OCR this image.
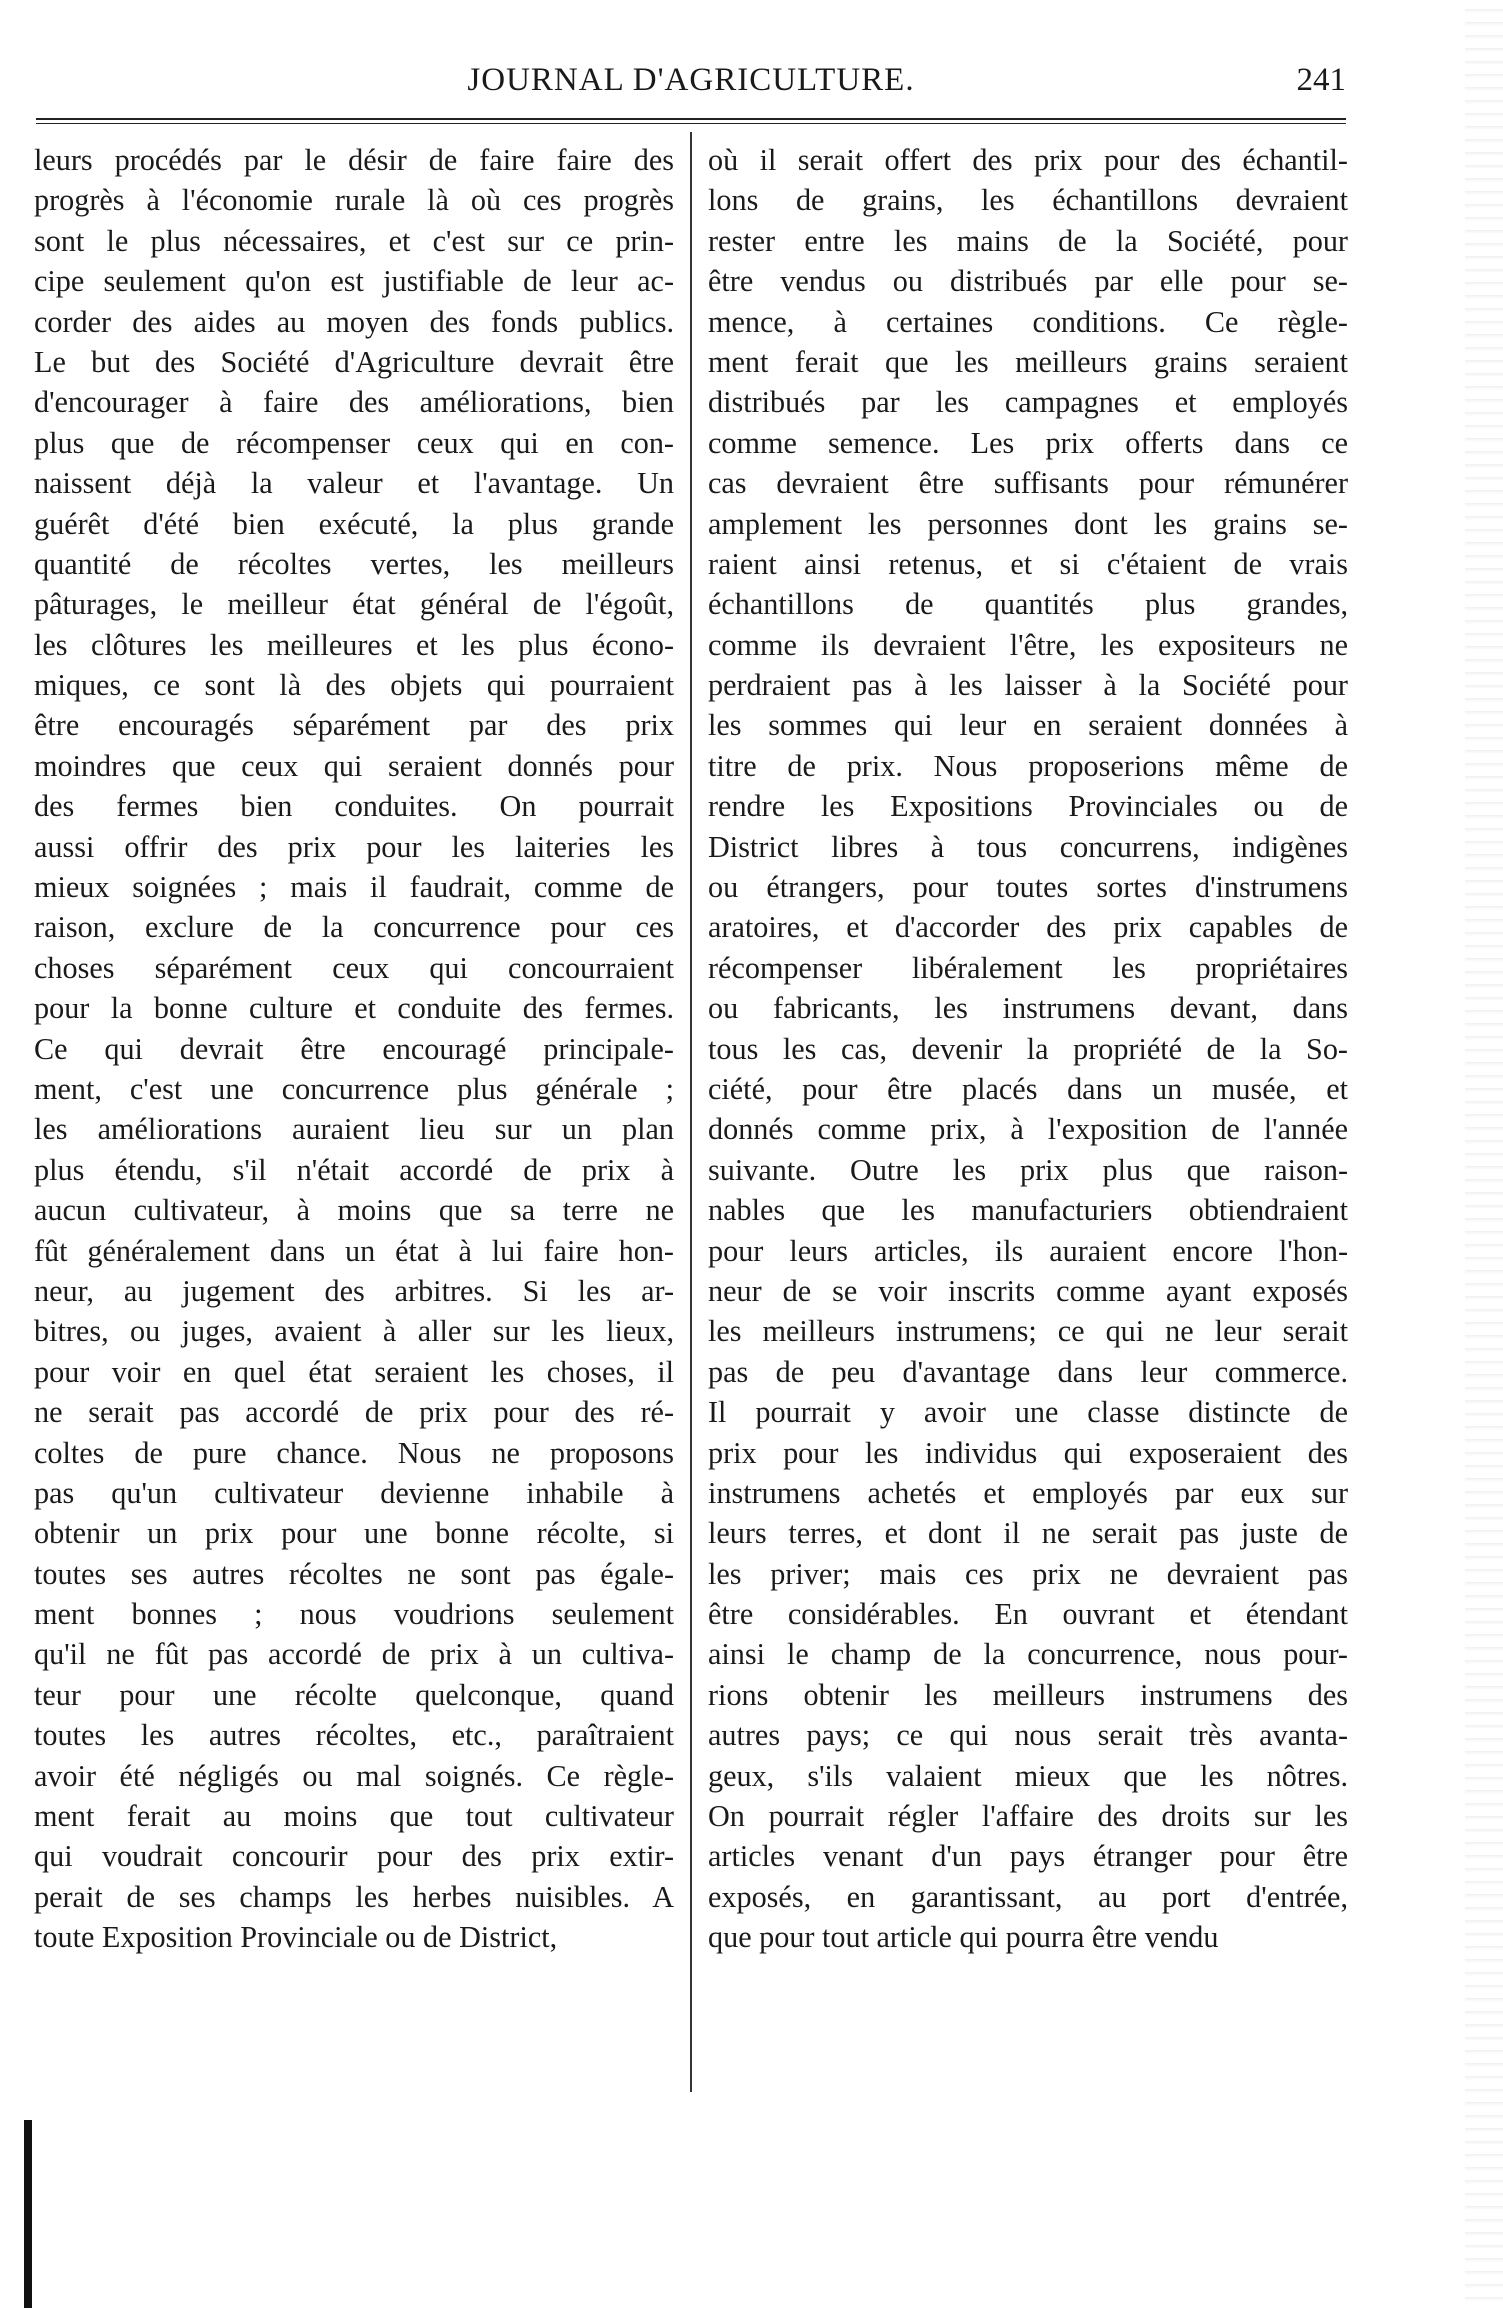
JOURNAL D'AGRICULTURE.	241
leurs procédés par le désir de faire faire des
progrès à l'économie rurale là où ces progrès
sont le plus nécessaires, et c'est sur ce prin-
cipe seulement qu'on est justifiable de leur ac-
corder des aides au moyen des fonds publics.
Le but des Société d'Agriculture devrait être
d'encourager à faire des améliorations, bien
plus que de récompenser ceux qui en con-
naissent déjà la valeur et l'avantage. Un
guérêt d'été bien exécuté, la plus grande
quantité de récoltes vertes, les meilleurs
pâturages, le meilleur état général de l'égoût,
les clôtures les meilleures et les plus écono-
miques, ce sont là des objets qui pourraient
être encouragés séparément par des prix
moindres que ceux qui seraient donnés pour
des fermes bien conduites. On pourrait
aussi offrir des prix pour les laiteries les
mieux soignées ; mais il faudrait, comme de
raison, exclure de la concurrence pour ces
choses séparément ceux qui concourraient
pour la bonne culture et conduite des fermes.
Ce qui devrait être encouragé principale-
ment, c'est une concurrence plus générale ;
les améliorations auraient lieu sur un plan
plus étendu, s'il n'était accordé de prix à
aucun cultivateur, à moins que sa terre ne
fût généralement dans un état à lui faire hon-
neur, au jugement des arbitres. Si les ar-
bitres, ou juges, avaient à aller sur les lieux,
pour voir en quel état seraient les choses, il
ne serait pas accordé de prix pour des ré-
coltes de pure chance. Nous ne proposons
pas qu'un cultivateur devienne inhabile à
obtenir un prix pour une bonne récolte, si
toutes ses autres récoltes ne sont pas égale-
ment bonnes ; nous voudrions seulement
qu'il ne fût pas accordé de prix à un cultiva-
teur pour une récolte quelconque, quand
toutes les autres récoltes, etc., paraîtraient
avoir été négligés ou mal soignés. Ce règle-
ment ferait au moins que tout cultivateur
qui voudrait concourir pour des prix extir-
perait de ses champs les herbes nuisibles. A
toute Exposition Provinciale ou de District,
où il serait offert des prix pour des échantil-
lons de grains, les échantillons devraient
rester entre les mains de la Société, pour
être vendus ou distribués par elle pour se-
mence, à certaines conditions. Ce règle-
ment ferait que les meilleurs grains seraient
distribués par les campagnes et employés
comme semence. Les prix offerts dans ce
cas devraient être suffisants pour rémunérer
amplement les personnes dont les grains se-
raient ainsi retenus, et si c'étaient de vrais
échantillons de quantités plus grandes,
comme ils devraient l'être, les expositeurs ne
perdraient pas à les laisser à la Société pour
les sommes qui leur en seraient données à
titre de prix. Nous proposerions même de
rendre les Expositions Provinciales ou de
District libres à tous concurrens, indigènes
ou étrangers, pour toutes sortes d'instrumens
aratoires, et d'accorder des prix capables de
récompenser libéralement les propriétaires
ou fabricants, les instrumens devant, dans
tous les cas, devenir la propriété de la So-
ciété, pour être placés dans un musée, et
donnés comme prix, à l'exposition de l'année
suivante. Outre les prix plus que raison-
nables que les manufacturiers obtiendraient
pour leurs articles, ils auraient encore l'hon-
neur de se voir inscrits comme ayant exposés
les meilleurs instrumens; ce qui ne leur serait
pas de peu d'avantage dans leur commerce.
Il pourrait y avoir une classe distincte de
prix pour les individus qui exposeraient des
instrumens achetés et employés par eux sur
leurs terres, et dont il ne serait pas juste de
les priver; mais ces prix ne devraient pas
être considérables. En ouvrant et étendant
ainsi le champ de la concurrence, nous pour-
rions obtenir les meilleurs instrumens des
autres pays; ce qui nous serait très avanta-
geux, s'ils valaient mieux que les nôtres.
On pourrait régler l'affaire des droits sur les
articles venant d'un pays étranger pour être
exposés, en garantissant, au port d'entrée,
que pour tout article qui pourra être vendu
